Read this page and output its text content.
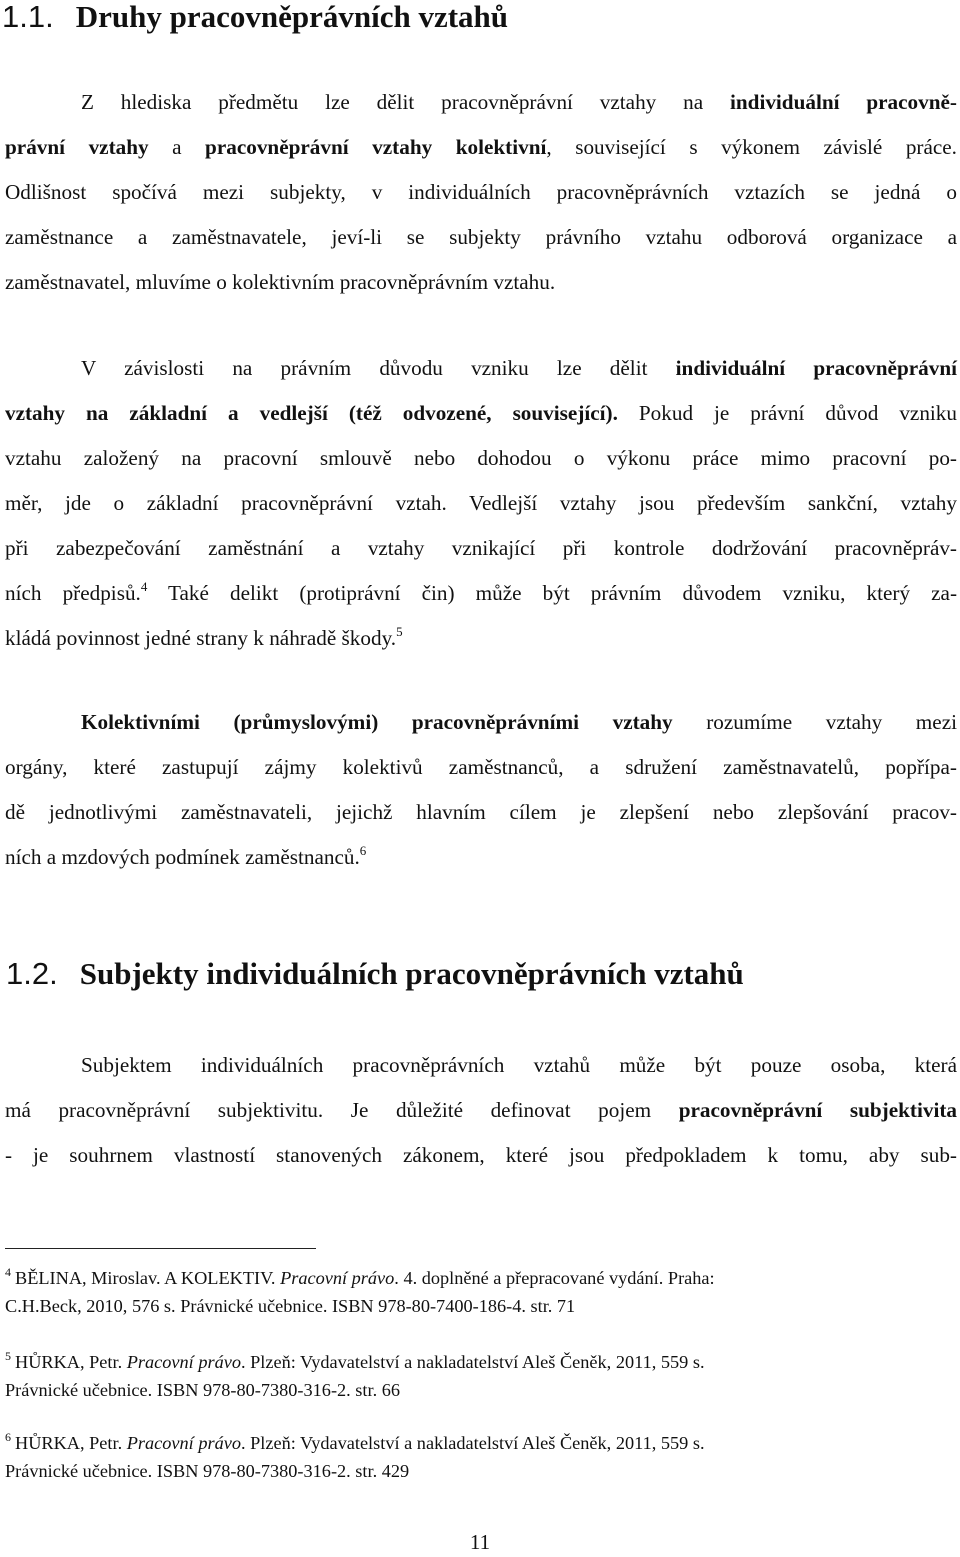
1.1. Druhy pracovněprávních vztahů
Z hlediska předmětu lze dělit pracovněprávní vztahy na individuální pracovně-
právní vztahy a pracovněprávní vztahy kolektivní, související s výkonem závislé práce.
Odlišnost spočívá mezi subjekty, v individuálních pracovněprávních vztazích se jedná o
zaměstnance a zaměstnavatele, jeví-li se subjekty právního vztahu odborová organizace a
zaměstnavatel, mluvíme o kolektivním pracovněprávním vztahu.
V závislosti na právním důvodu vzniku lze dělit individuální pracovněprávní
vztahy na základní a vedlejší (též odvozené, související). Pokud je právní důvod vzniku
vztahu založený na pracovní smlouvě nebo dohodou o výkonu práce mimo pracovní po-
měr, jde o základní pracovněprávní vztah. Vedlejší vztahy jsou především sankční, vztahy
při zabezpečování zaměstnání a vztahy vznikající při kontrole dodržování pracovněpráv-
ních předpisů.$^4$ Také delikt (protiprávní čin) může být právním důvodem vzniku, který za-
kládá povinnost jedné strany k náhradě škody.$^5$
Kolektivními (průmyslovými) pracovněprávními vztahy rozumíme vztahy mezi
orgány, které zastupují zájmy kolektivů zaměstnanců, a sdružení zaměstnavatelů, popřípa-
dě jednotlivými zaměstnavateli, jejichž hlavním cílem je zlepšení nebo zlepšování pracov-
ních a mzdových podmínek zaměstnanců.$^6$
1.2. Subjekty individuálních pracovněprávních vztahů
Subjektem individuálních pracovněprávních vztahů může být pouze osoba, která
má pracovněprávní subjektivitu. Je důležité definovat pojem pracovněprávní subjektivita
- je souhrnem vlastností stanovených zákonem, které jsou předpokladem k tomu, aby sub-
$^4$ BĚLINA, Miroslav. A KOLEKTIV. Pracovní právo. 4. doplněné a přepracované vydání. Praha:
C.H.Beck, 2010, 576 s. Právnické učebnice. ISBN 978-80-7400-186-4. str. 71
$^5$ HŮRKA, Petr. Pracovní právo. Plzeň: Vydavatelství a nakladatelství Aleš Čeněk, 2011, 559 s.
Právnické učebnice. ISBN 978-80-7380-316-2. str. 66
$^6$ HŮRKA, Petr. Pracovní právo. Plzeň: Vydavatelství a nakladatelství Aleš Čeněk, 2011, 559 s.
Právnické učebnice. ISBN 978-80-7380-316-2. str. 429
11
